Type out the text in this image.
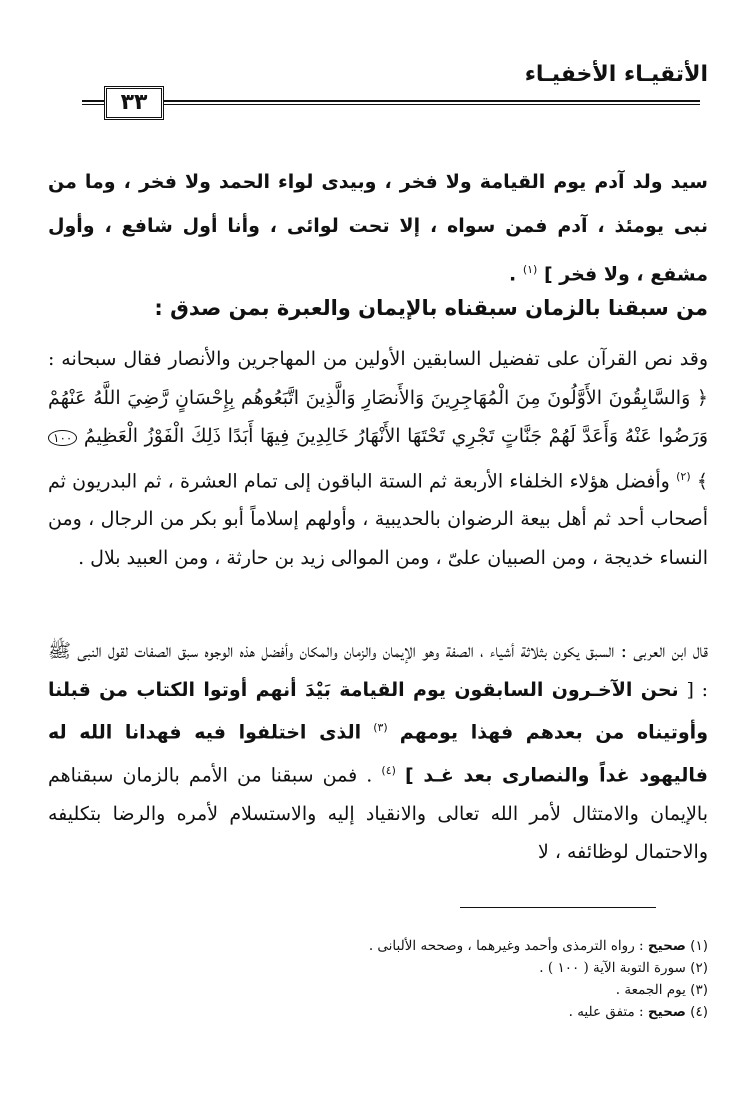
الأتقيـاء الأخفيـاء
٣٣

سيد ولد آدم يوم القيامة ولا فخر ، وبيدى لواء الحمد ولا فخر ، وما من نبى يومئذ ، آدم فمن سواه ، إلا تحت لوائى ، وأنا أول شافع ، وأول مشفع ، ولا فخر ] $^{(١)}$ .

من سبقنا بالزمان سبقناه بالإيمان والعبرة بمن صدق :

وقد نص القرآن على تفضيل السابقين الأولين من المهاجرين والأنصار فقال سبحانه : ﴿ وَالسَّابِقُونَ الأَوَّلُونَ مِنَ الْمُهَاجِرِينَ وَالأَنصَارِ وَالَّذِينَ اتَّبَعُوهُم بِإِحْسَانٍ رَّضِيَ اللَّهُ عَنْهُمْ وَرَضُوا عَنْهُ وَأَعَدَّ لَهُمْ جَنَّاتٍ تَجْرِي تَحْتَهَا الأَنْهَارُ خَالِدِينَ فِيهَا أَبَدًا ذَلِكَ الْفَوْزُ الْعَظِيمُ ١٠٠ ﴾ $^{(٢)}$ وأفضل هؤلاء الخلفاء الأربعة ثم الستة الباقون إلى تمام العشرة ، ثم البدريون ثم أصحاب أحد ثم أهل بيعة الرضوان بالحديبية ، وأولهم إسلاماً أبو بكر من الرجال ، ومن النساء خديجة ، ومن الصبيان علىّ ، ومن الموالى زيد بن حارثة ، ومن العبيد بلال .

قال ابن العربى : السبق يكون بثلاثة أشياء ، الصفة وهو الإيمان والزمان والمكان وأفضل هذه الوجوه سبق الصفات لقول النبى ﷺ : [ نحن الآخـرون السابقون يوم القيامة بَيْدَ أنهم أوتوا الكتاب من قبلنا وأوتيناه من بعدهم فهذا يومهم $^{(٣)}$ الذى اختلفوا فيه فهدانا الله له فاليهود غداً والنصارى بعد غـد ] $^{(٤)}$ . فمن سبقنا من الأمم بالزمان سبقناهم بالإيمان والامتثال لأمر الله تعالى والانقياد إليه والاستسلام لأمره والرضا بتكليفه والاحتمال لوظائفه ، لا

(١) صحيح : رواه الترمذى وأحمد وغيرهما ، وصححه الألبانى .
(٢) سورة التوبة الآية ( ١٠٠ ) .
(٣) يوم الجمعة .
(٤) صحيح : متفق عليه .
